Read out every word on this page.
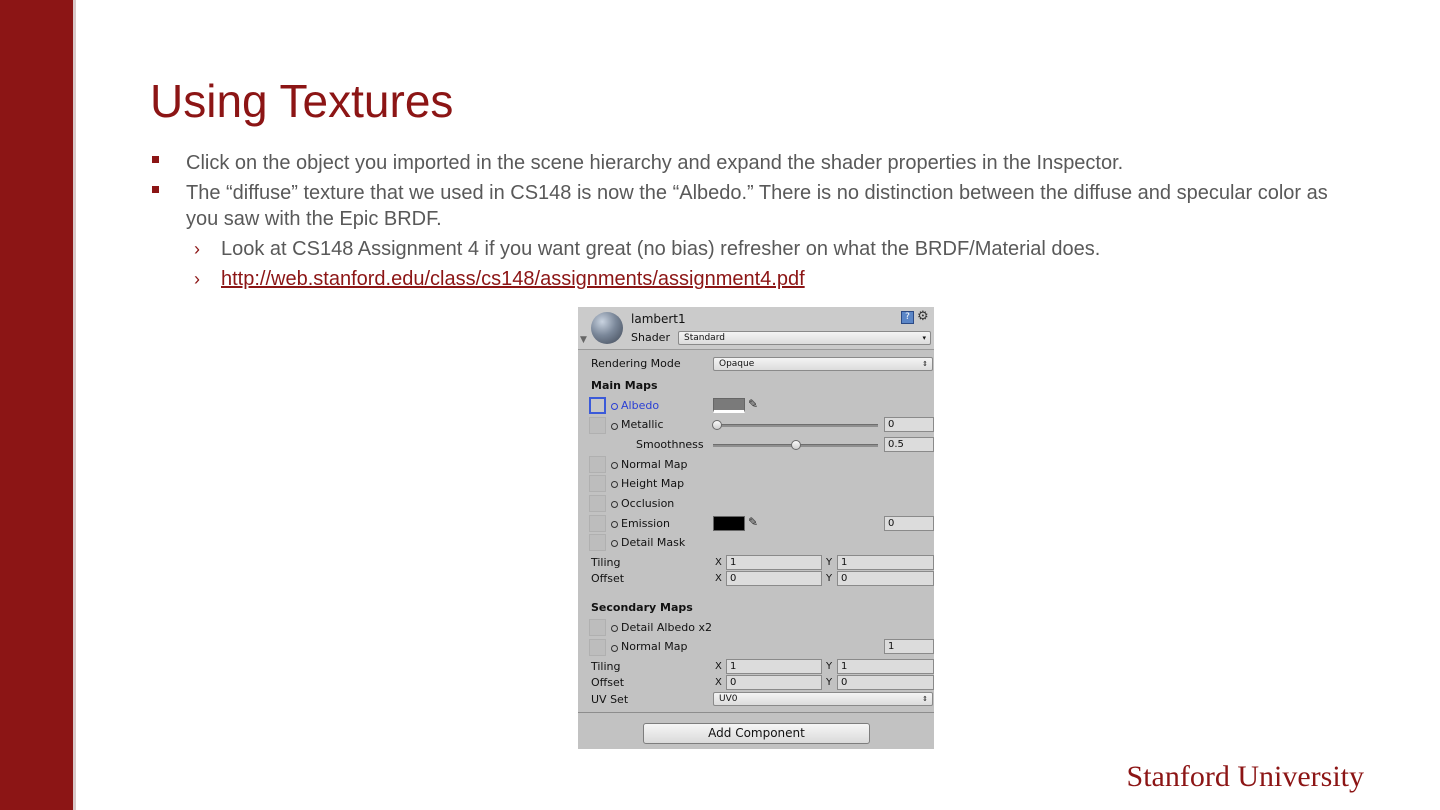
Using Textures
Click on the object you imported in the scene hierarchy and expand the shader properties in the Inspector.
The “diffuse” texture that we used in CS148 is now the “Albedo.” There is no distinction between the diffuse and specular color as you saw with the Epic BRDF.
› Look at CS148 Assignment 4 if you want great (no bias) refresher on what the BRDF/Material does.
› http://web.stanford.edu/class/cs148/assignments/assignment4.pdf
▼
lambert1	? ⚙
Shader	Standard	▾
Rendering Mode	Opaque	⇕
Main Maps
Albedo	✎
Metallic	0
Smoothness	0.5
Normal Map
Height Map
Occlusion
Emission	✎	0
Detail Mask
Tiling	X 1	Y 1
Offset	X 0	Y 0
Secondary Maps
Detail Albedo x2
Normal Map	1
Tiling	X 1	Y 1
Offset	X 0	Y 0
UV Set	UV0	⇕
Add Component
Stanford University
